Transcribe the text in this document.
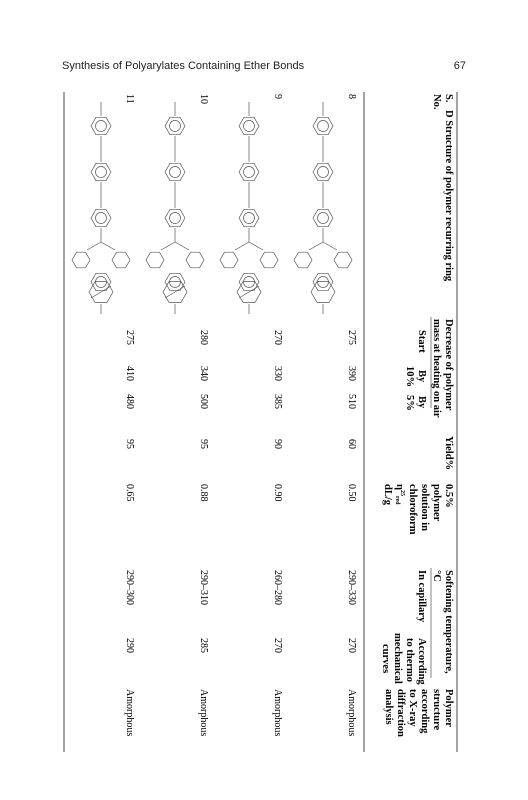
Synthesis of Polyarylates Containing Ether Bonds	67
S.
No.
D Structure of polymer recurring ring
Decrease of polymer
mass at heating on air
Start
By
10%
By
5%
Yield%
0.5%
polymer
solution in
chloroform
$\eta^{25}_{red}$
dL/g
Softening temperature,
°C
In capillary
According
to thermo
mechanical
curves
Polymer
structure
according
to X-ray
diffraction
analysis
8
275
390
510
60
0.50
290–330
270
Amorphous
9
270
330
385
90
0.90
260–280
270
Amorphous
10
280
340
500
95
0.88
290–310
285
Amorphous
11
275
410
480
95
0.65
290–300
290
Amorphous
